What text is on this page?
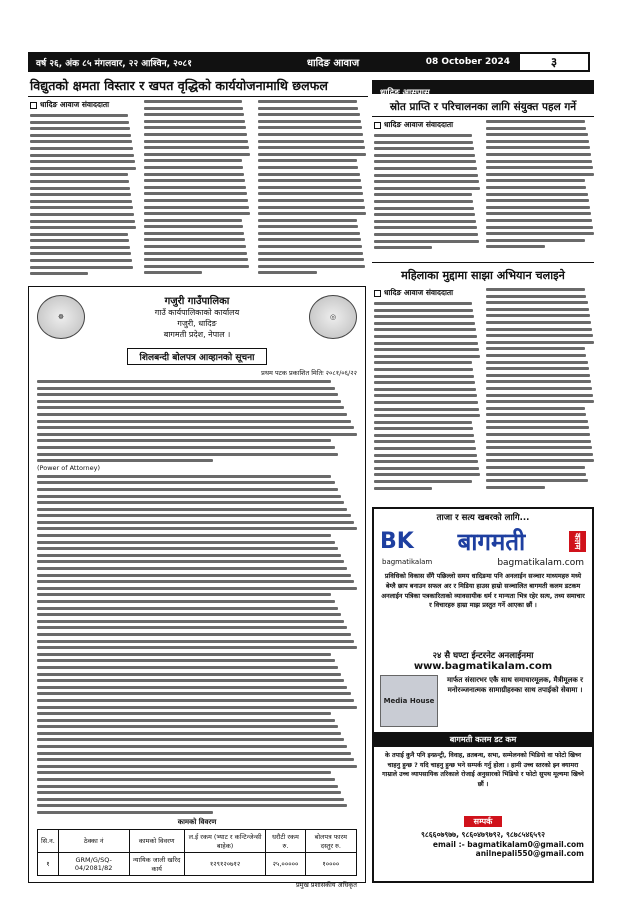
वर्ष २६, अंक ८५ मंगलवार, २२ आश्विन, २०८१	धादिङ आवाज	08 October 2024	३
विद्युतको क्षमता विस्तार र खपत वृद्धिको कार्ययोजनामाथि छलफल
धादिङ आवाज संवाददाता
धादिङ आसपास
स्रोत प्राप्ति र परिचालनका लागि संयुक्त पहल गर्ने
धादिङ आवाज संवाददाता
महिलाका मुद्दामा साझा अभियान चलाइने
धादिङ आवाज संवाददाता
☸
गजुरी गाउँपालिका
गाउँ कार्यपालिकाको कार्यालय
गजुरी, धादिङ
बागमती प्रदेश, नेपाल ।
◎
शिलबन्दी बोलपत्र आव्हानको सूचना
प्रथम पटक प्रकाशित मितिः २०८१/०६/२२
(Power of Attorney)
कामको विवरण
सि.न.	ठेक्का नं	कामको विवरण	ल.ई रकम (भ्याट र कन्टिन्जेन्सी बाहेक)	धरौटी रकम रु.	बोलपत्र फारम दस्तुर रु.
१	GRM/G/SQ-04/2081/82	न्यायिक जाली खरिद कार्य	१२९१२०७१२	२५,०००००	१००००
प्रमुख प्रशासकीय अधिकृत
ताजा र सत्य खबरको लागि...
BK बागमती	कलम
bagmatikalam	bagmatikalam.com
प्रविधिको विकास सँगै पछिल्लो समय धादिङमा पनि अनलाईन सञ्चार माध्यमहरु मध्ये बेग्लै छाप बनाउन सफल अर र मिडिया हाउस हाम्रो सञ्चालित बागमती कलम डटकम अनलाईन पत्रिका पत्रकारिताको व्यावसायीक धर्म र मान्यता भित्र रहेर सत्य, तथ्य समाचार र विचारहरु हाम्रा माझ प्रस्तुत गर्ने आएका छौं ।
२४ सै घण्टा ईन्टरनेट अनलाईनमा
www.bagmatikalam.com
Media House
मार्फत संसारभर एकै साथ समाचारमूलक, मैत्रीमूलक र मनोरञ्जनात्मक सामाग्रीहरुका साथ तपाईको सेवामा ।
बागमती कलम डट कम
के तपाई कुनै पनि इन्फ्रन्ट्री, विवाह, व्रतबन्ध, सभा, सम्मेलनको भिडियो वा फोटो खिच्न चाहनु हुन्छ ? यदि चाहनु हुन्छ भने सम्पर्क गर्नु होला । हामी उच्च स्तरको झ्न क्यामरा गाम्राले उच्च व्यापसायिक तरिकाले रोजाई अनुसारको भिडियो र फोटो सुपथ मूल्यमा खिच्ने छौं ।
सम्पर्क
९८६६०७९७७, ९८६०४७९७९२, ९८७८५४६५९२
email :- bagmatikalam0@gmail.com
anilnepali550@gmail.com
